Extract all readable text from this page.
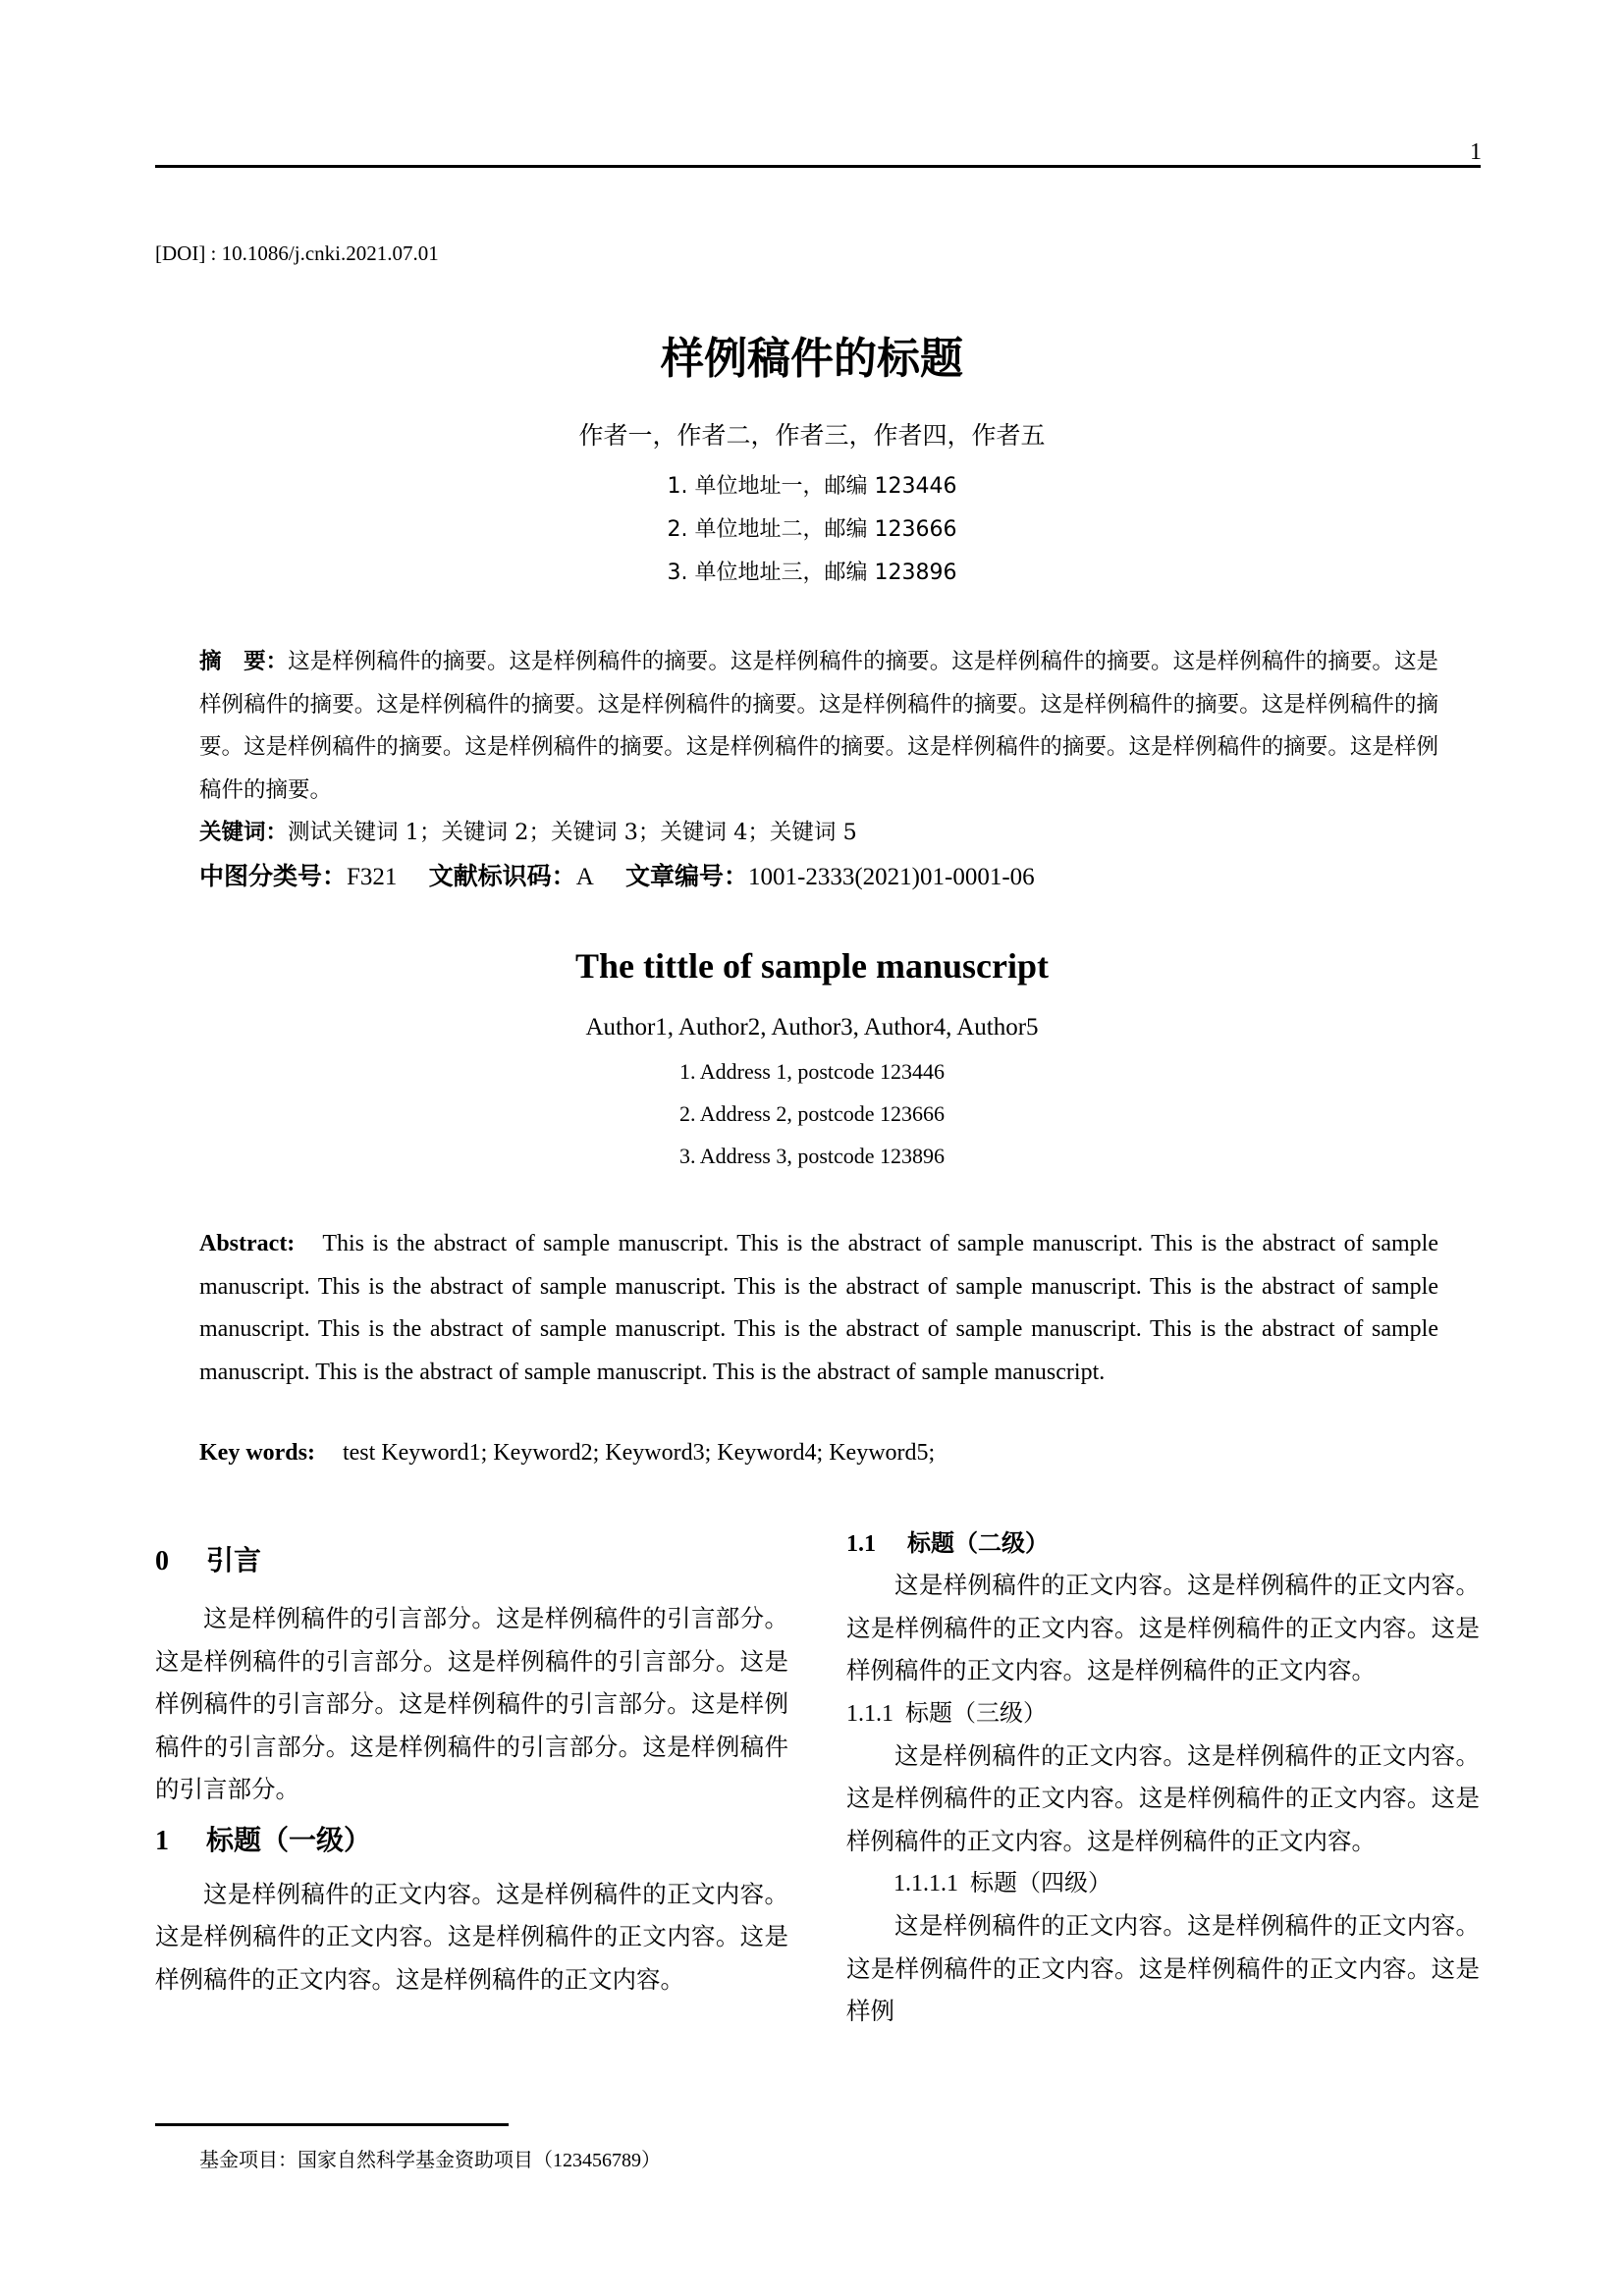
1
[DOI] : 10.1086/j.cnki.2021.07.01
样例稿件的标题
作者一，作者二，作者三，作者四，作者五
1. 单位地址一，邮编 123446
2. 单位地址二，邮编 123666
3. 单位地址三，邮编 123896
摘　要：这是样例稿件的摘要。这是样例稿件的摘要。这是样例稿件的摘要。这是样例稿件的摘要。这是样例稿件的摘要。这是样例稿件的摘要。这是样例稿件的摘要。这是样例稿件的摘要。这是样例稿件的摘要。这是样例稿件的摘要。这是样例稿件的摘要。这是样例稿件的摘要。这是样例稿件的摘要。这是样例稿件的摘要。这是样例稿件的摘要。这是样例稿件的摘要。这是样例稿件的摘要。
关键词：测试关键词 1；关键词 2；关键词 3；关键词 4；关键词 5
中图分类号：F321 文献标识码：A 文章编号：1001-2333(2021)01-0001-06
The tittle of sample manuscript
Author1, Author2, Author3, Author4, Author5
1. Address 1, postcode 123446
2. Address 2, postcode 123666
3. Address 3, postcode 123896
Abstract: This is the abstract of sample manuscript. This is the abstract of sample manuscript. This is the abstract of sample manuscript. This is the abstract of sample manuscript. This is the abstract of sample manuscript. This is the abstract of sample manuscript. This is the abstract of sample manuscript. This is the abstract of sample manuscript. This is the abstract of sample manuscript. This is the abstract of sample manuscript. This is the abstract of sample manuscript.
Key words: test Keyword1; Keyword2; Keyword3; Keyword4; Keyword5;
0 引言

这是样例稿件的引言部分。这是样例稿件的引言部分。这是样例稿件的引言部分。这是样例稿件的引言部分。这是样例稿件的引言部分。这是样例稿件的引言部分。这是样例稿件的引言部分。这是样例稿件的引言部分。这是样例稿件的引言部分。

1 标题（一级）

这是样例稿件的正文内容。这是样例稿件的正文内容。这是样例稿件的正文内容。这是样例稿件的正文内容。这是样例稿件的正文内容。这是样例稿件的正文内容。

1.1 标题（二级）

这是样例稿件的正文内容。这是样例稿件的正文内容。这是样例稿件的正文内容。这是样例稿件的正文内容。这是样例稿件的正文内容。这是样例稿件的正文内容。

1.1.1 标题（三级）

这是样例稿件的正文内容。这是样例稿件的正文内容。这是样例稿件的正文内容。这是样例稿件的正文内容。这是样例稿件的正文内容。这是样例稿件的正文内容。

1.1.1.1 标题（四级）

这是样例稿件的正文内容。这是样例稿件的正文内容。这是样例稿件的正文内容。这是样例稿件的正文内容。这是样例

基金项目：国家自然科学基金资助项目（123456789）
